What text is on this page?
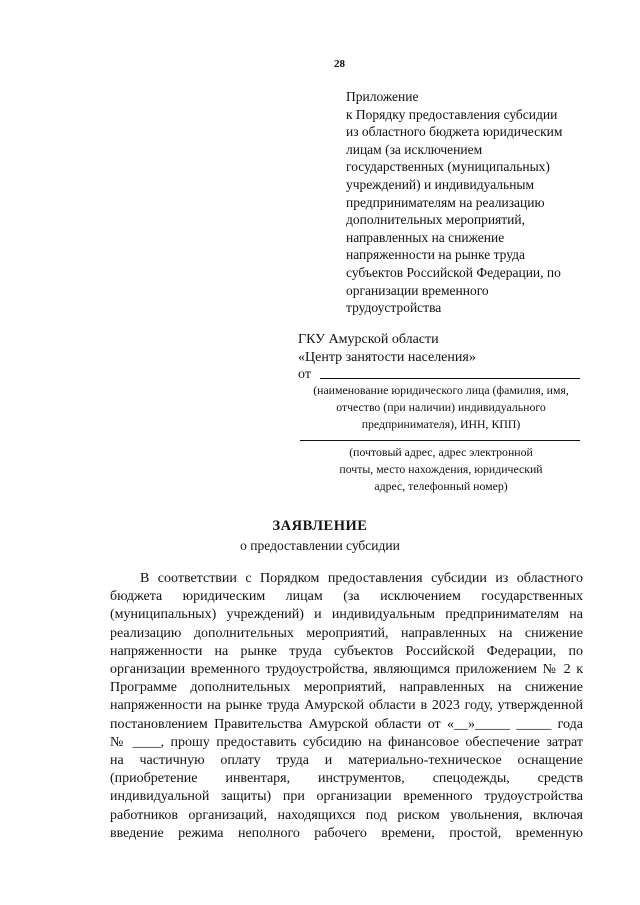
28
Приложение
к Порядку предоставления субсидии
из областного бюджета юридическим
лицам (за исключением
государственных (муниципальных)
учреждений) и индивидуальным
предпринимателям на реализацию
дополнительных мероприятий,
направленных на снижение
напряженности на рынке труда
субъектов Российской Федерации, по
организации временного
трудоустройства
ГКУ Амурской области
«Центр занятости населения»
от
(наименование юридического лица (фамилия, имя,
отчество (при наличии) индивидуального
предпринимателя), ИНН, КПП)
(почтовый адрес, адрес электронной
почты, место нахождения, юридический
адрес, телефонный номер)
ЗАЯВЛЕНИЕ
о предоставлении субсидии
В соответствии с Порядком предоставления субсидии из областного
бюджета юридическим лицам (за исключением государственных
(муниципальных) учреждений) и индивидуальным предпринимателям на
реализацию дополнительных мероприятий, направленных на снижение
напряженности на рынке труда субъектов Российской Федерации, по
организации временного трудоустройства, являющимся приложением № 2 к
Программе дополнительных мероприятий, направленных на снижение
напряженности на рынке труда Амурской области в 2023 году, утвержденной
постановлением Правительства Амурской области от «__»_____ _____ года
№ ____, прошу предоставить субсидию на финансовое обеспечение затрат
на частичную оплату труда и материально-техническое оснащение
(приобретение инвентаря, инструментов, спецодежды, средств
индивидуальной защиты) при организации временного трудоустройства
работников организаций, находящихся под риском увольнения, включая
введение режима неполного рабочего времени, простой, временную
